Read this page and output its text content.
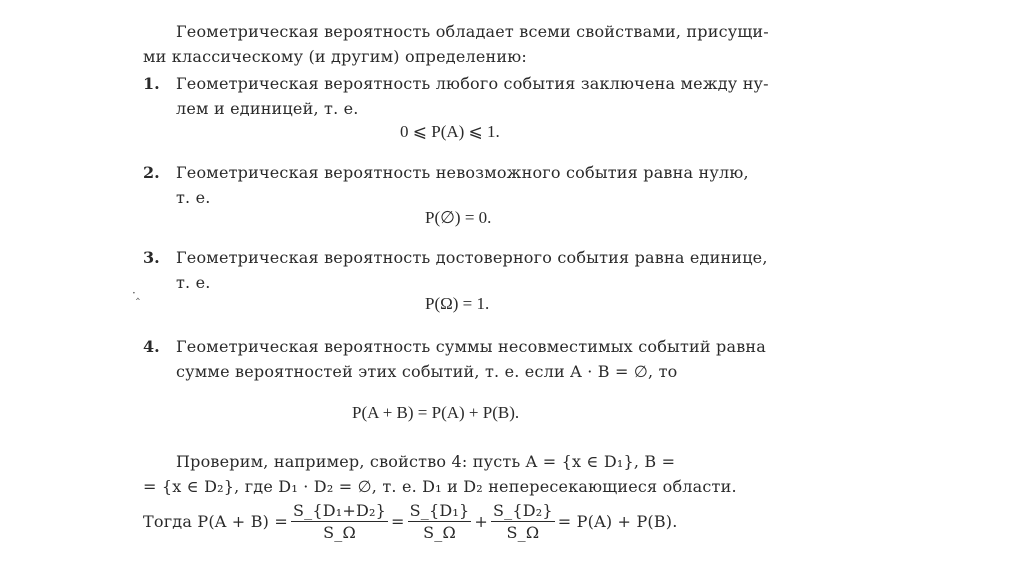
Геометрическая вероятность обладает всеми свойствами, присущи-
ми классическому (и другим) определению:
1. Геометрическая вероятность любого события заключена между ну-
лем и единицей, т. е.
0 ⩽ P(A) ⩽ 1.
2. Геометрическая вероятность невозможного события равна нулю,
т. е.
P(∅) = 0.
3. Геометрическая вероятность достоверного события равна единице,
т. е.
·‸
P(Ω) = 1.
4. Геометрическая вероятность суммы несовместимых событий равна
сумме вероятностей этих событий, т. е. если A · B = ∅, то
P(A + B) = P(A) + P(B).
Проверим, например, свойство 4: пусть A = {x ∈ D₁}, B =
= {x ∈ D₂}, где D₁ · D₂ = ∅, т. е. D₁ и D₂ непересекающиеся области.
Тогда $P(A + B) = \frac{\text{S\_\{D₁+D₂\}}}{S\_\Omega} = \frac{\text{S\_\{D₁\}}}{S\_\Omega} + \frac{\text{S\_\{D₂\}}}{S\_\Omega} = P(A) + P(B)$.
